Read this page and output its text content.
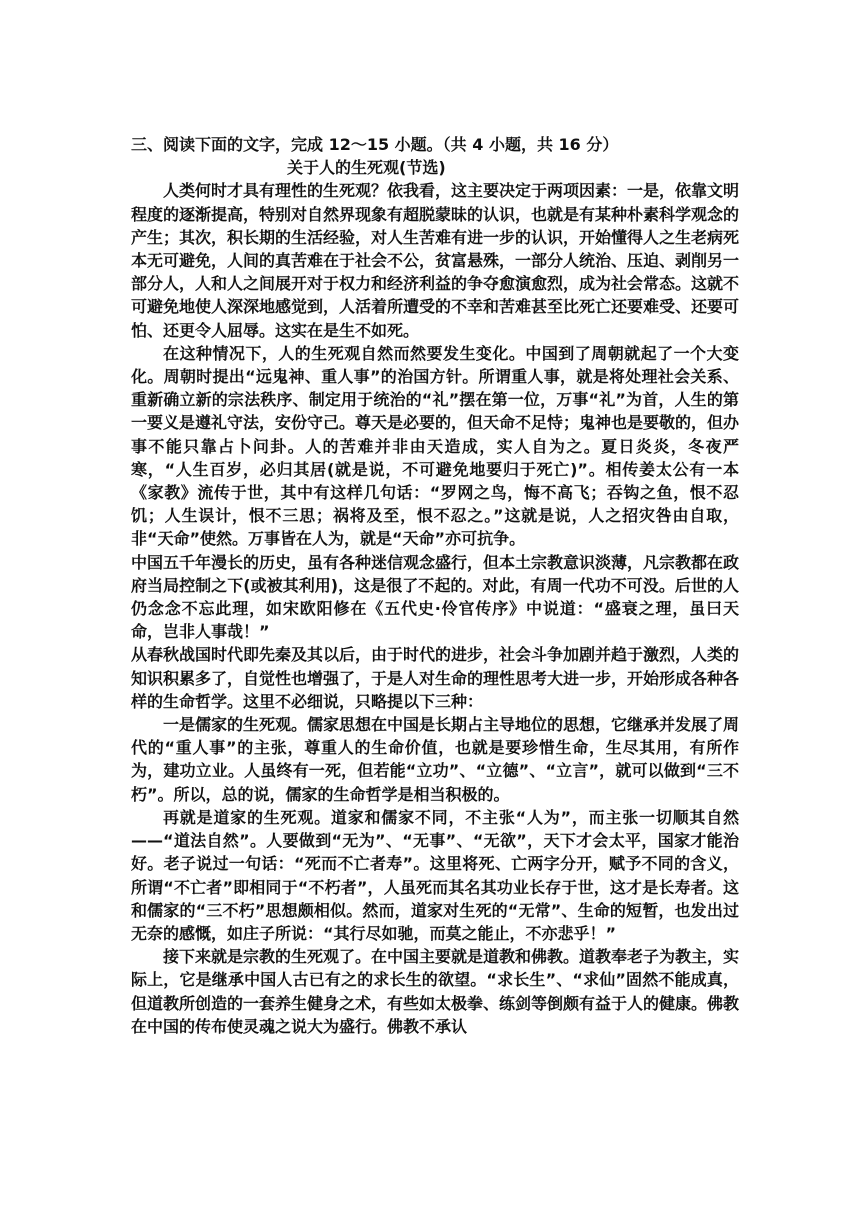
三、阅读下面的文字，完成 12～15 小题。（共 4 小题，共 16 分）

关于人的生死观(节选)

人类何时才具有理性的生死观？依我看，这主要决定于两项因素：一是，依靠文明程度的逐渐提高，特别对自然界现象有超脱蒙昧的认识，也就是有某种朴素科学观念的产生；其次，积长期的生活经验，对人生苦难有进一步的认识，开始懂得人之生老病死本无可避免，人间的真苦难在于社会不公，贫富悬殊，一部分人统治、压迫、剥削另一部分人，人和人之间展开对于权力和经济利益的争夺愈演愈烈，成为社会常态。这就不可避免地使人深深地感觉到，人活着所遭受的不幸和苦难甚至比死亡还要难受、还要可怕、还更令人屈辱。这实在是生不如死。

在这种情况下，人的生死观自然而然要发生变化。中国到了周朝就起了一个大变化。周朝时提出“远鬼神、重人事”的治国方针。所谓重人事，就是将处理社会关系、重新确立新的宗法秩序、制定用于统治的“礼”摆在第一位，万事“礼”为首，人生的第一要义是遵礼守法，安份守己。尊天是必要的，但天命不足恃；鬼神也是要敬的，但办事不能只靠占卜问卦。人的苦难并非由天造成，实人自为之。夏日炎炎，冬夜严寒，“人生百岁，必归其居(就是说，不可避免地要归于死亡)”。相传姜太公有一本《家教》流传于世，其中有这样几句话：“罗网之鸟，悔不高飞；吞钩之鱼，恨不忍饥；人生误计，恨不三思；祸将及至，恨不忍之。”这就是说，人之招灾咎由自取，非“天命”使然。万事皆在人为，就是“天命”亦可抗争。

中国五千年漫长的历史，虽有各种迷信观念盛行，但本土宗教意识淡薄，凡宗教都在政府当局控制之下(或被其利用)，这是很了不起的。对此，有周一代功不可没。后世的人仍念念不忘此理，如宋欧阳修在《五代史·伶官传序》中说道：“盛衰之理，虽曰天命，岂非人事哉！”

从春秋战国时代即先秦及其以后，由于时代的进步，社会斗争加剧并趋于激烈，人类的知识积累多了，自觉性也增强了，于是人对生命的理性思考大进一步，开始形成各种各样的生命哲学。这里不必细说，只略提以下三种：

一是儒家的生死观。儒家思想在中国是长期占主导地位的思想，它继承并发展了周代的“重人事”的主张，尊重人的生命价值，也就是要珍惜生命，生尽其用，有所作为，建功立业。人虽终有一死，但若能“立功”、“立德”、“立言”，就可以做到“三不朽”。所以，总的说，儒家的生命哲学是相当积极的。

再就是道家的生死观。道家和儒家不同，不主张“人为”，而主张一切顺其自然——“道法自然”。人要做到“无为”、“无事”、“无欲”，天下才会太平，国家才能治好。老子说过一句话：“死而不亡者寿”。这里将死、亡两字分开，赋予不同的含义，所谓“不亡者”即相同于“不朽者”，人虽死而其名其功业长存于世，这才是长寿者。这和儒家的“三不朽”思想颇相似。然而，道家对生死的“无常”、生命的短暂，也发出过无奈的感慨，如庄子所说：“其行尽如驰，而莫之能止，不亦悲乎！”

接下来就是宗教的生死观了。在中国主要就是道教和佛教。道教奉老子为教主，实际上，它是继承中国人古已有之的求长生的欲望。“求长生”、“求仙”固然不能成真，但道教所创造的一套养生健身之术，有些如太极拳、练剑等倒颇有益于人的健康。佛教在中国的传布使灵魂之说大为盛行。佛教不承认
